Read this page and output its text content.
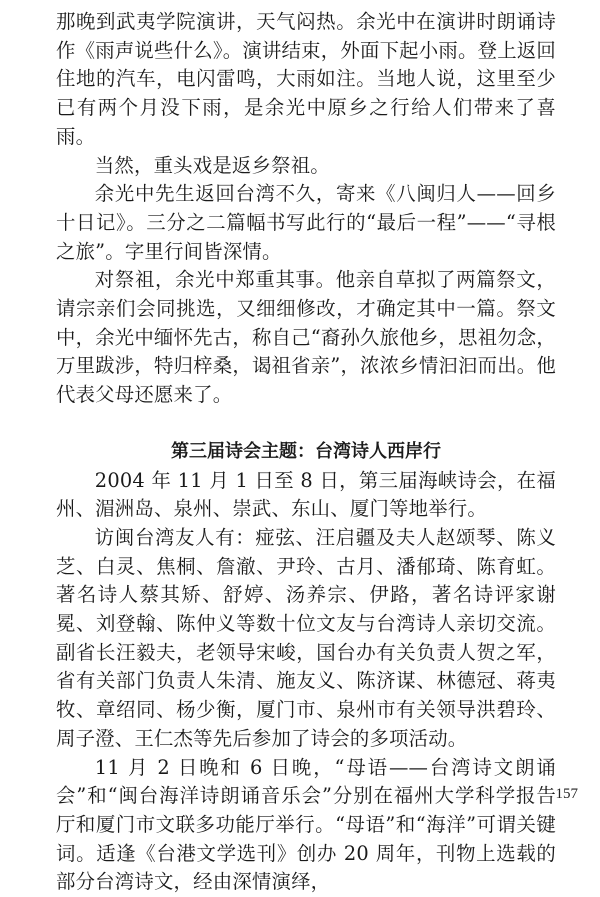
那晚到武夷学院演讲，天气闷热。余光中在演讲时朗诵诗作《雨声说些什么》。演讲结束，外面下起小雨。登上返回住地的汽车，电闪雷鸣，大雨如注。当地人说，这里至少已有两个月没下雨，是余光中原乡之行给人们带来了喜雨。

当然，重头戏是返乡祭祖。

余光中先生返回台湾不久，寄来《八闽归人——回乡十日记》。三分之二篇幅书写此行的“最后一程”——“寻根之旅”。字里行间皆深情。

对祭祖，余光中郑重其事。他亲自草拟了两篇祭文，请宗亲们会同挑选，又细细修改，才确定其中一篇。祭文中，余光中缅怀先古，称自己“裔孙久旅他乡，思祖勿念，万里跋涉，特归梓桑，谒祖省亲”，浓浓乡情汩汩而出。他代表父母还愿来了。

第三届诗会主题：台湾诗人西岸行

2004 年 11 月 1 日至 8 日，第三届海峡诗会，在福州、湄洲岛、泉州、崇武、东山、厦门等地举行。

访闽台湾友人有：痖弦、汪启疆及夫人赵颂琴、陈义芝、白灵、焦桐、詹澈、尹玲、古月、潘郁琦、陈育虹。著名诗人蔡其矫、舒婷、汤养宗、伊路，著名诗评家谢冕、刘登翰、陈仲义等数十位文友与台湾诗人亲切交流。副省长汪毅夫，老领导宋峻，国台办有关负责人贺之军，省有关部门负责人朱清、施友义、陈济谋、林德冠、蒋夷牧、章绍同、杨少衡，厦门市、泉州市有关领导洪碧玲、周子澄、王仁杰等先后参加了诗会的多项活动。

11 月 2 日晚和 6 日晚，“母语——台湾诗文朗诵会”和“闽台海洋诗朗诵音乐会”分别在福州大学科学报告厅和厦门市文联多功能厅举行。“母语”和“海洋”可谓关键词。适逢《台港文学选刊》创办 20 周年，刊物上选载的部分台湾诗文，经由深情演绎，

157
